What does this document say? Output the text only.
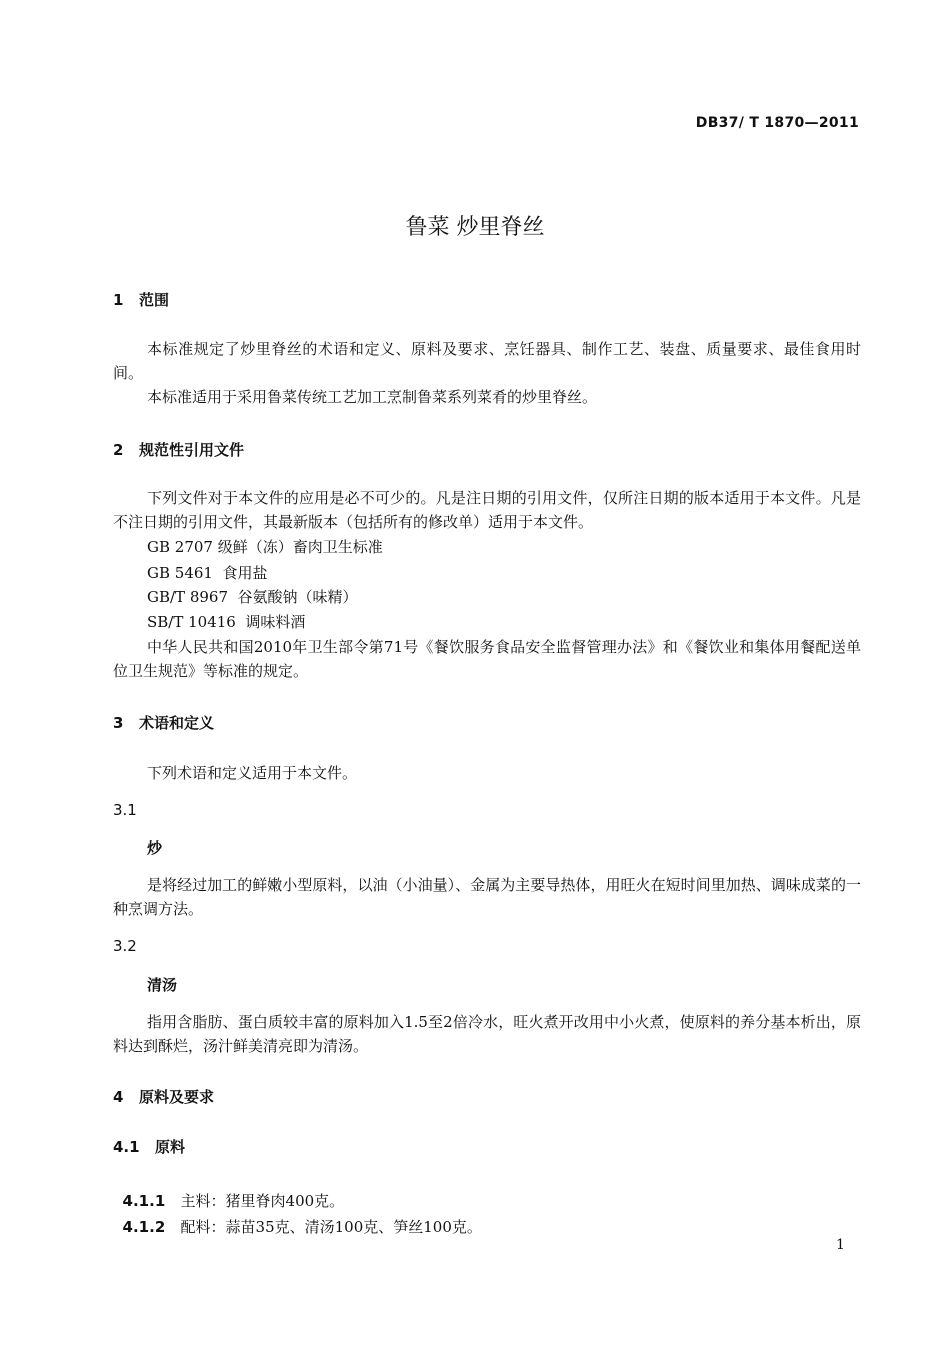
DB37/ T 1870—2011
鲁菜 炒里脊丝
1 范围

本标准规定了炒里脊丝的术语和定义、原料及要求、烹饪器具、制作工艺、装盘、质量要求、最佳食用时间。

本标准适用于采用鲁菜传统工艺加工烹制鲁菜系列菜肴的炒里脊丝。

2 规范性引用文件

下列文件对于本文件的应用是必不可少的。凡是注日期的引用文件，仅所注日期的版本适用于本文件。凡是不注日期的引用文件，其最新版本（包括所有的修改单）适用于本文件。

GB 2707 级鲜（冻）畜肉卫生标准
GB 5461  食用盐
GB/T 8967  谷氨酸钠（味精）
SB/T 10416  调味料酒

中华人民共和国2010年卫生部令第71号《餐饮服务食品安全监督管理办法》和《餐饮业和集体用餐配送单位卫生规范》等标准的规定。

3 术语和定义

下列术语和定义适用于本文件。

3.1
炒

是将经过加工的鲜嫩小型原料，以油（小油量）、金属为主要导热体，用旺火在短时间里加热、调味成菜的一种烹调方法。

3.2
清汤

指用含脂肪、蛋白质较丰富的原料加入1.5至2倍冷水，旺火煮开改用中小火煮，使原料的养分基本析出，原料达到酥烂，汤汁鲜美清亮即为清汤。

4 原料及要求
4.1 原料

4.1.1 主料：猪里脊肉400克。

4.1.2 配料：蒜苗35克、清汤100克、笋丝100克。

1
